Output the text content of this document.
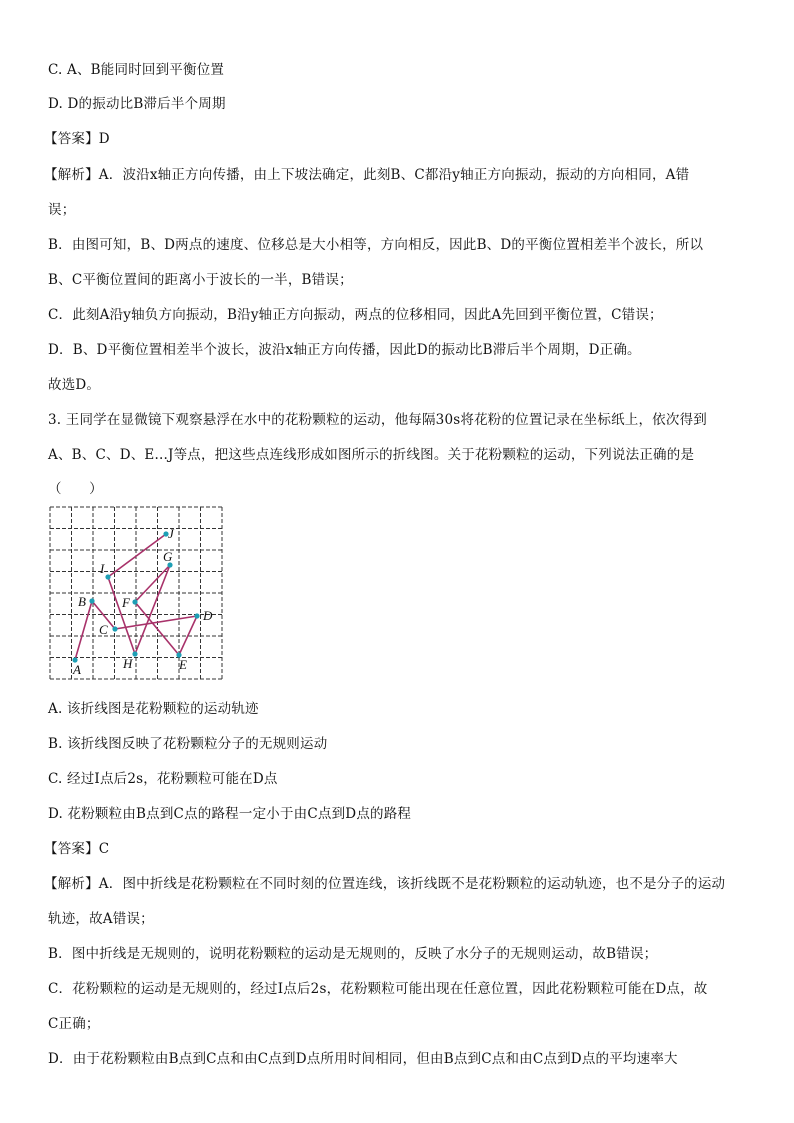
C. A、B能同时回到平衡位置
D. D的振动比B滞后半个周期
【答案】D
【解析】A．波沿x轴正方向传播，由上下坡法确定，此刻B、C都沿y轴正方向振动，振动的方向相同，A错
误；
B．由图可知，B、D两点的速度、位移总是大小相等，方向相反，因此B、D的平衡位置相差半个波长，所以
B、C平衡位置间的距离小于波长的一半，B错误；
C．此刻A沿y轴负方向振动，B沿y轴正方向振动，两点的位移相同，因此A先回到平衡位置，C错误；
D．B、D平衡位置相差半个波长，波沿x轴正方向传播，因此D的振动比B滞后半个周期，D正确。
故选D。
3. 王同学在显微镜下观察悬浮在水中的花粉颗粒的运动，他每隔30s将花粉的位置记录在坐标纸上，依次得到
A、B、C、D、E...J等点，把这些点连线形成如图所示的折线图。关于花粉颗粒的运动，下列说法正确的是
（　　）
A. 该折线图是花粉颗粒的运动轨迹
B. 该折线图反映了花粉颗粒分子的无规则运动
C. 经过I点后2s，花粉颗粒可能在D点
D. 花粉颗粒由B点到C点的路程一定小于由C点到D点的路程
【答案】C
【解析】A．图中折线是花粉颗粒在不同时刻的位置连线，该折线既不是花粉颗粒的运动轨迹，也不是分子的运动
轨迹，故A错误；
B．图中折线是无规则的，说明花粉颗粒的运动是无规则的，反映了水分子的无规则运动，故B错误；
C．花粉颗粒的运动是无规则的，经过I点后2s，花粉颗粒可能出现在任意位置，因此花粉颗粒可能在D点，故
C正确；
D．由于花粉颗粒由B点到C点和由C点到D点所用时间相同，但由B点到C点和由C点到D点的平均速率大
A
B
C
D
E
F
G
H
I
J
